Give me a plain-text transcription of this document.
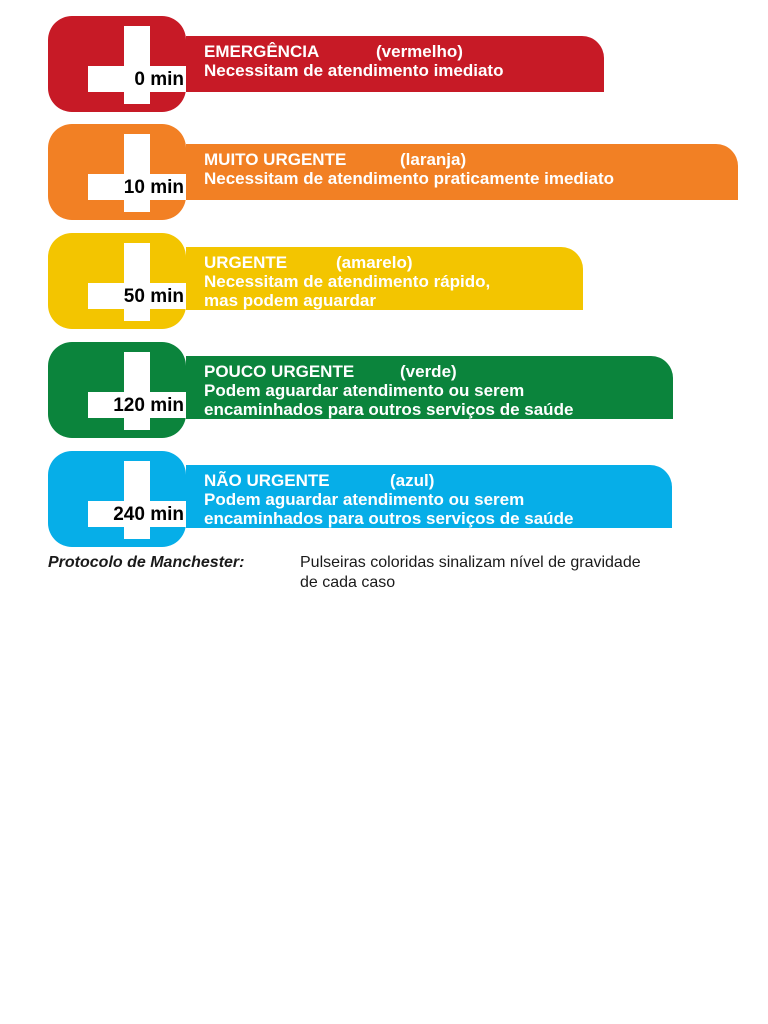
EMERGÊNCIA	(vermelho)
Necessitam de atendimento imediato
0 min
MUITO URGENTE	(laranja)
Necessitam de atendimento praticamente imediato
10 min
URGENTE	(amarelo)
Necessitam de atendimento rápido,
mas podem aguardar
50 min
POUCO URGENTE	(verde)
Podem aguardar atendimento ou serem
encaminhados para outros serviços de saúde
120 min
NÃO URGENTE	(azul)
Podem aguardar atendimento ou serem
encaminhados para outros serviços de saúde
240 min
Protocolo de Manchester:	Pulseiras coloridas sinalizam nível de gravidade de cada caso
